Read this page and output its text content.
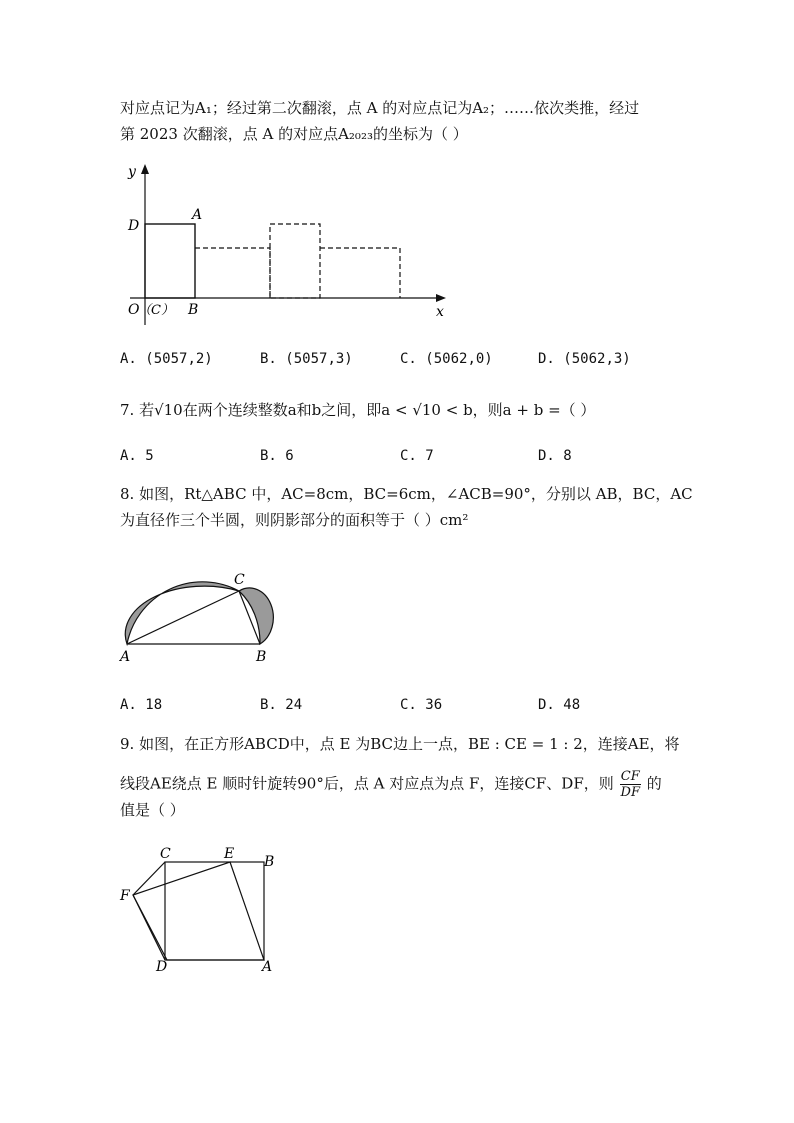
对应点记为A₁；经过第二次翻滚，点 A 的对应点记为A₂；……依次类推，经过
第 2023 次翻滚，点 A 的对应点A₂₀₂₃的坐标为（ ）
y
x
D
A
O
（C） B
A. (5057,2)	B. (5057,3)	C. (5062,0)	D. (5062,3)
7. 若√10在两个连续整数a和b之间，即a < √10 < b，则a + b =（ ）
A. 5	B. 6	C. 7	D. 8
8. 如图，Rt△ABC 中，AC=8cm，BC=6cm，∠ACB=90°，分别以 AB，BC，AC
为直径作三个半圆，则阴影部分的面积等于（ ）cm²
A	B
C
A. 18	B. 24	C. 36	D. 48
9. 如图，在正方形ABCD中，点 E 为BC边上一点，BE : CE = 1 : 2，连接AE，将
线段AE绕点 E 顺时针旋转90°后，点 A 对应点为点 F，连接CF、DF，则 $\frac{CF}{DF}$ 的
值是（ ）
C	E B
F
D	A
